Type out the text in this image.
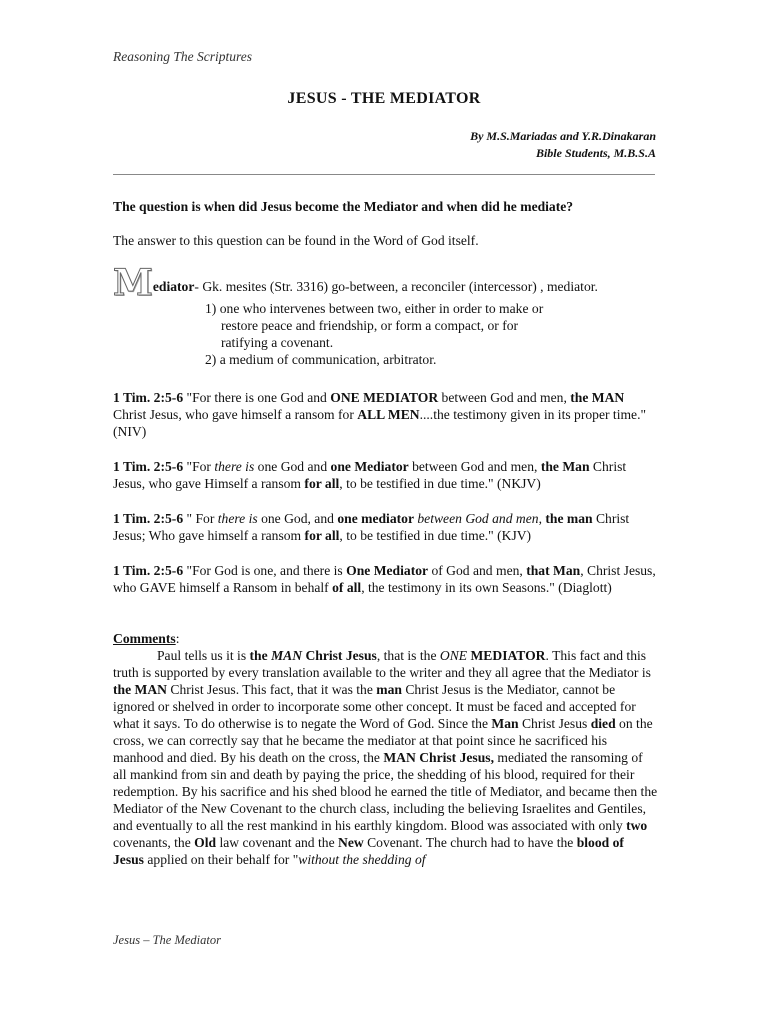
Reasoning The Scriptures
JESUS - THE MEDIATOR
By M.S.Mariadas and Y.R.Dinakaran
Bible Students, M.B.S.A
The question is when did Jesus become the Mediator and when did he mediate?
The answer to this question can be found in the Word of God itself.
Mediator- Gk. mesites (Str. 3316) go-between, a reconciler (intercessor) , mediator.
1) one who intervenes between two, either in order to make or
restore peace and friendship, or form a compact, or for
ratifying a covenant.
2) a medium of communication, arbitrator.
1 Tim. 2:5-6 "For there is one God and ONE MEDIATOR between God and men, the MAN Christ Jesus, who gave himself a ransom for ALL MEN....the testimony given in its proper time." (NIV)
1 Tim. 2:5-6 "For there is one God and one Mediator between God and men, the Man Christ Jesus, who gave Himself a ransom for all, to be testified in due time." (NKJV)
1 Tim. 2:5-6 " For there is one God, and one mediator between God and men, the man Christ Jesus; Who gave himself a ransom for all, to be testified in due time." (KJV)
1 Tim. 2:5-6 "For God is one, and there is One Mediator of God and men, that Man, Christ Jesus, who GAVE himself a Ransom in behalf of all, the testimony in its own Seasons." (Diaglott)
Comments:

Paul tells us it is the MAN Christ Jesus, that is the ONE MEDIATOR. This fact and this truth is supported by every translation available to the writer and they all agree that the Mediator is the MAN Christ Jesus. This fact, that it was the man Christ Jesus is the Mediator, cannot be ignored or shelved in order to incorporate some other concept. It must be faced and accepted for what it says. To do otherwise is to negate the Word of God. Since the Man Christ Jesus died on the cross, we can correctly say that he became the mediator at that point since he sacrificed his manhood and died. By his death on the cross, the MAN Christ Jesus, mediated the ransoming of all mankind from sin and death by paying the price, the shedding of his blood, required for their redemption. By his sacrifice and his shed blood he earned the title of Mediator, and became then the Mediator of the New Covenant to the church class, including the believing Israelites and Gentiles, and eventually to all the rest mankind in his earthly kingdom. Blood was associated with only two covenants, the Old law covenant and the New Covenant. The church had to have the blood of Jesus applied on their behalf for "without the shedding of

Jesus – The Mediator
